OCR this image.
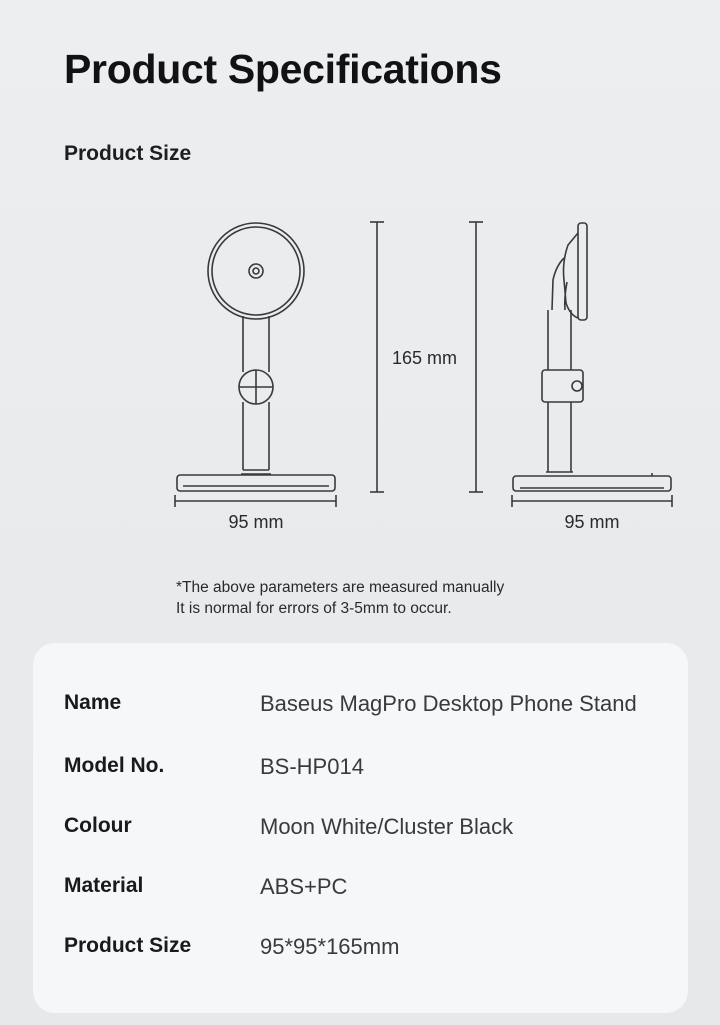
Product Specifications
Product Size
165 mm
95 mm	95 mm
*The above parameters are measured manually
It is normal for errors of 3-5mm to occur.
Name	Baseus MagPro Desktop Phone Stand
Model No.	BS-HP014
Colour	Moon White/Cluster Black
Material	ABS+PC
Product Size	95*95*165mm
